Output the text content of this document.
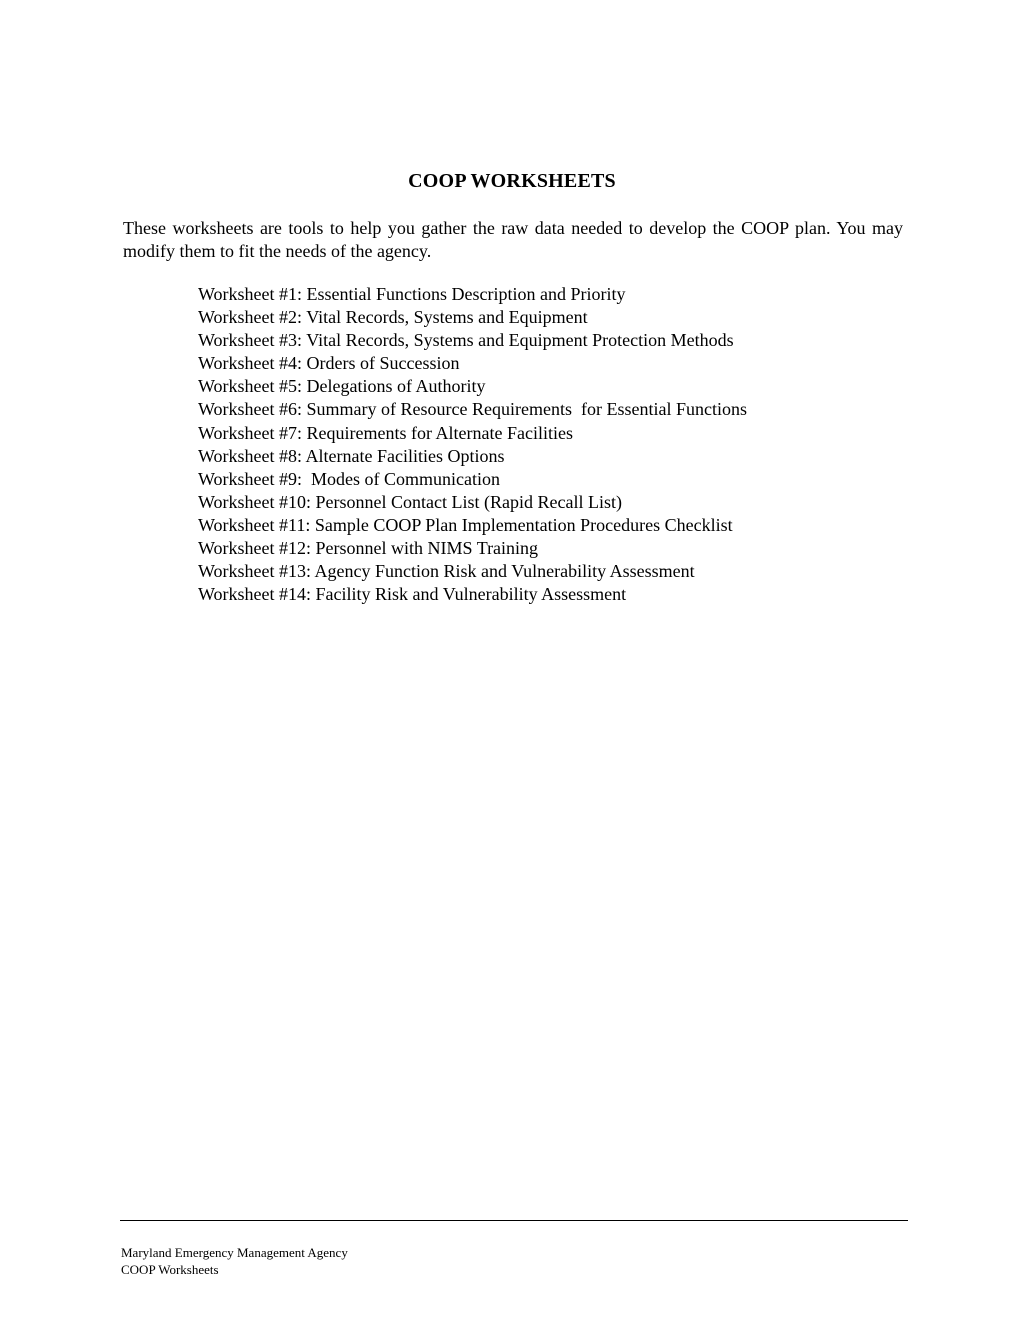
COOP WORKSHEETS

These worksheets are tools to help you gather the raw data needed to develop the COOP plan. You may modify them to fit the needs of the agency.

Worksheet #1: Essential Functions Description and Priority
Worksheet #2: Vital Records, Systems and Equipment
Worksheet #3: Vital Records, Systems and Equipment Protection Methods
Worksheet #4: Orders of Succession
Worksheet #5: Delegations of Authority
Worksheet #6: Summary of Resource Requirements  for Essential Functions
Worksheet #7: Requirements for Alternate Facilities
Worksheet #8: Alternate Facilities Options
Worksheet #9:  Modes of Communication
Worksheet #10: Personnel Contact List (Rapid Recall List)
Worksheet #11: Sample COOP Plan Implementation Procedures Checklist
Worksheet #12: Personnel with NIMS Training
Worksheet #13: Agency Function Risk and Vulnerability Assessment
Worksheet #14: Facility Risk and Vulnerability Assessment
Maryland Emergency Management Agency
COOP Worksheets
